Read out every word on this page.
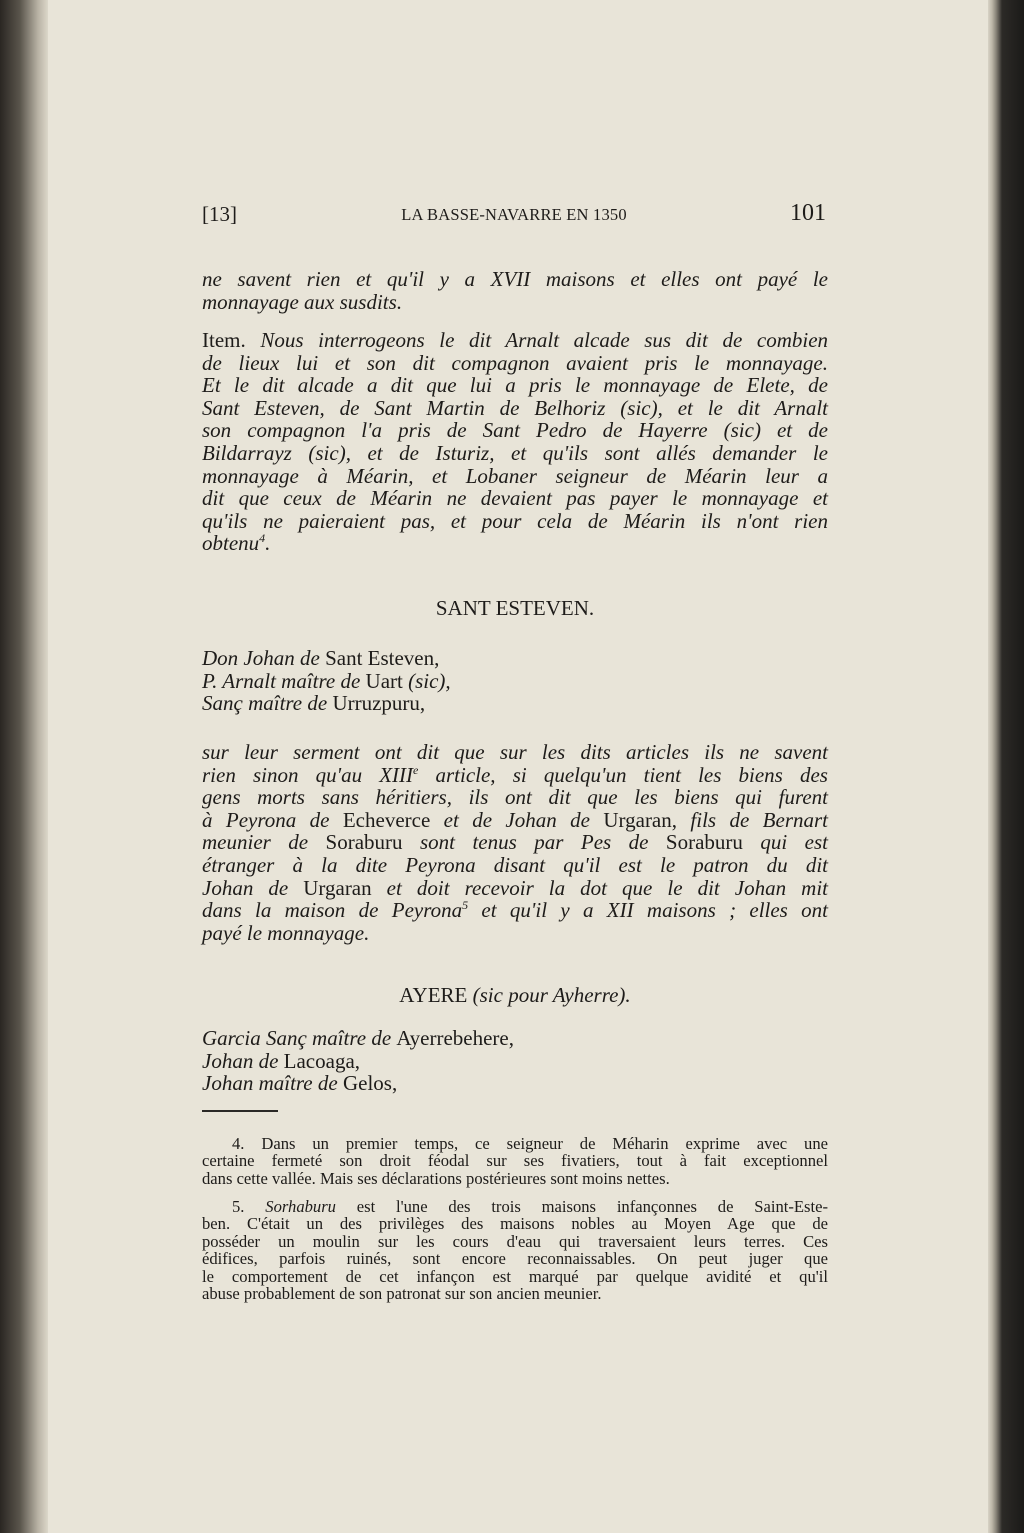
[13]	LA BASSE-NAVARRE EN 1350	101
ne savent rien et qu'il y a XVII maisons et elles ont payé le
monnayage aux susdits.
Item. Nous interrogeons le dit Arnalt alcade sus dit de combien
de lieux lui et son dit compagnon avaient pris le monnayage.
Et le dit alcade a dit que lui a pris le monnayage de Elete, de
Sant Esteven, de Sant Martin de Belhoriz (sic), et le dit Arnalt
son compagnon l'a pris de Sant Pedro de Hayerre (sic) et de
Bildarrayz (sic), et de Isturiz, et qu'ils sont allés demander le
monnayage à Méarin, et Lobaner seigneur de Méarin leur a
dit que ceux de Méarin ne devaient pas payer le monnayage et
qu'ils ne paieraient pas, et pour cela de Méarin ils n'ont rien
obtenu$^4$.
SANT ESTEVEN.
Don Johan de Sant Esteven,
P. Arnalt maître de Uart (sic),
Sanç maître de Urruzpuru,
sur leur serment ont dit que sur les dits articles ils ne savent
rien sinon qu'au XIIIe article, si quelqu'un tient les biens des
gens morts sans héritiers, ils ont dit que les biens qui furent
à Peyrona de Echeverce et de Johan de Urgaran, fils de Bernart
meunier de Soraburu sont tenus par Pes de Soraburu qui est
étranger à la dite Peyrona disant qu'il est le patron du dit
Johan de Urgaran et doit recevoir la dot que le dit Johan mit
dans la maison de Peyrona$^5$ et qu'il y a XII maisons ; elles ont
payé le monnayage.
AYERE (sic pour Ayherre).
Garcia Sanç maître de Ayerrebehere,
Johan de Lacoaga,
Johan maître de Gelos,
4. Dans un premier temps, ce seigneur de Méharin exprime avec une
certaine fermeté son droit féodal sur ses fivatiers, tout à fait exceptionnel
dans cette vallée. Mais ses déclarations postérieures sont moins nettes.
5. Sorhaburu est l'une des trois maisons infançonnes de Saint-Este-
ben. C'était un des privilèges des maisons nobles au Moyen Age que de
posséder un moulin sur les cours d'eau qui traversaient leurs terres. Ces
édifices, parfois ruinés, sont encore reconnaissables. On peut juger que
le comportement de cet infançon est marqué par quelque avidité et qu'il
abuse probablement de son patronat sur son ancien meunier.
